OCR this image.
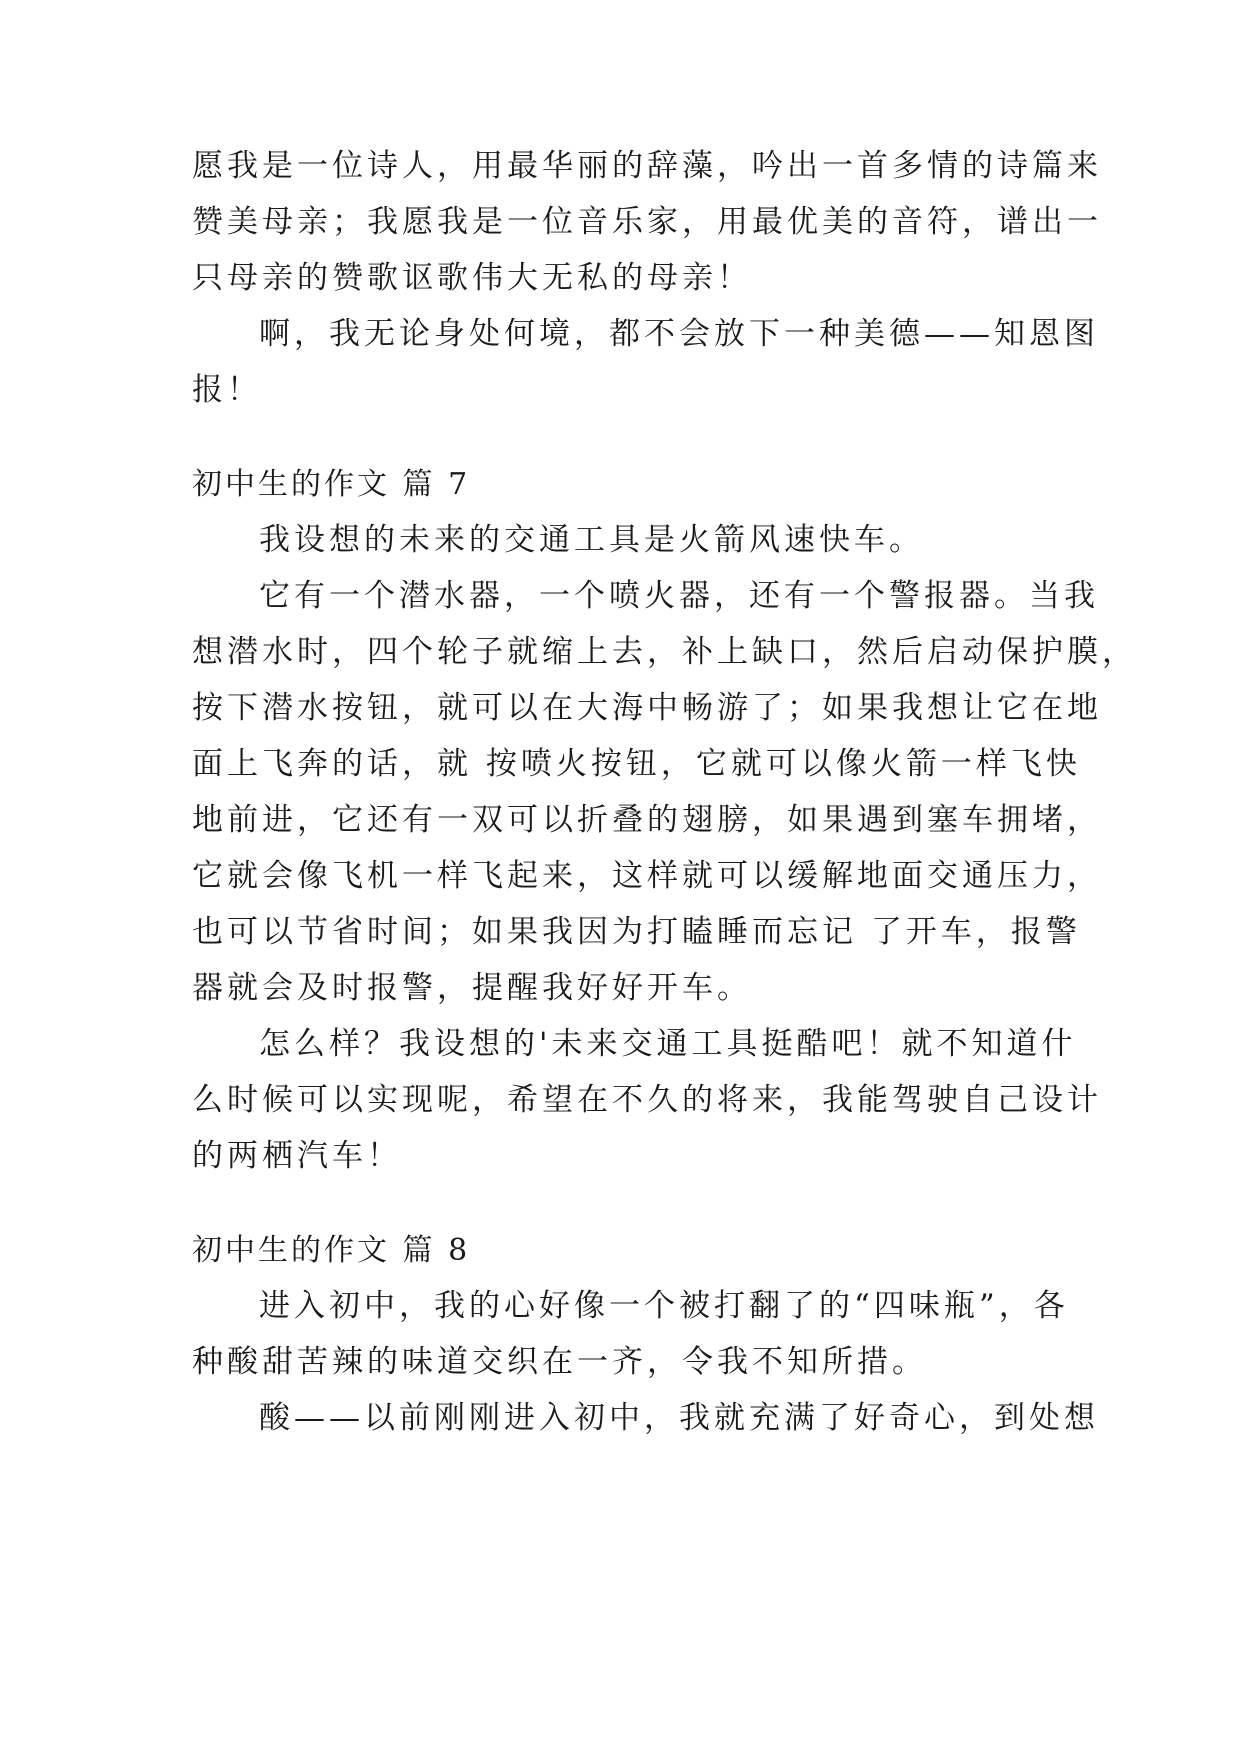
愿我是一位诗人，用最华丽的辞藻，吟出一首多情的诗篇来

赞美母亲；我愿我是一位音乐家，用最优美的音符，谱出一

只母亲的赞歌讴歌伟大无私的母亲！

啊，我无论身处何境，都不会放下一种美德——知恩图

报！

初中生的作文 篇 7

我设想的未来的交通工具是火箭风速快车。

它有一个潜水器，一个喷火器，还有一个警报器。当我

想潜水时，四个轮子就缩上去，补上缺口，然后启动保护膜，

按下潜水按钮，就可以在大海中畅游了；如果我想让它在地

面上飞奔的话，就 按喷火按钮，它就可以像火箭一样飞快

地前进，它还有一双可以折叠的翅膀，如果遇到塞车拥堵，

它就会像飞机一样飞起来，这样就可以缓解地面交通压力，

也可以节省时间；如果我因为打瞌睡而忘记 了开车，报警

器就会及时报警，提醒我好好开车。

怎么样？我设想的'未来交通工具挺酷吧！就不知道什

么时候可以实现呢，希望在不久的将来，我能驾驶自己设计

的两栖汽车！

初中生的作文 篇 8

进入初中，我的心好像一个被打翻了的“四味瓶”，各

种酸甜苦辣的味道交织在一齐，令我不知所措。

酸——以前刚刚进入初中，我就充满了好奇心，到处想
